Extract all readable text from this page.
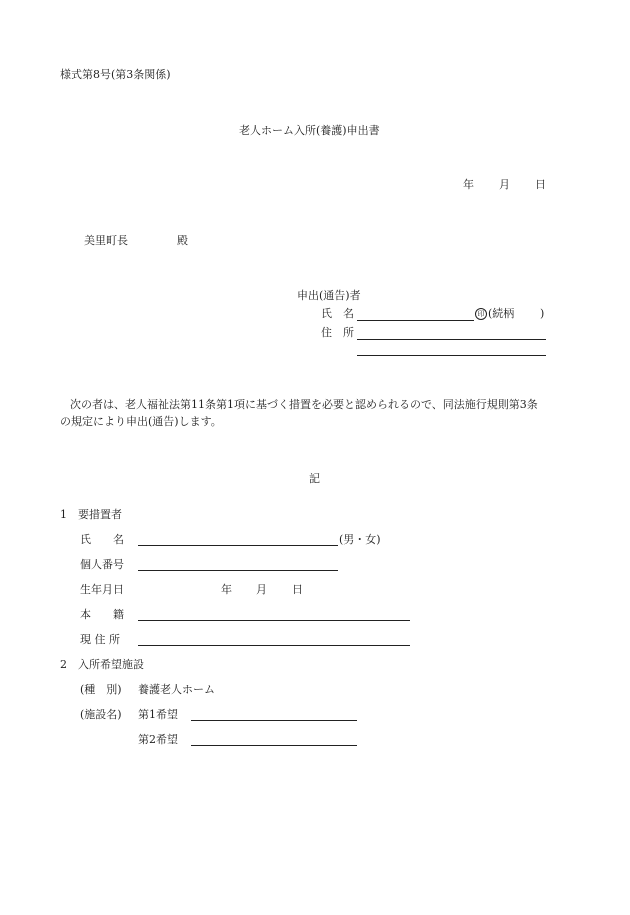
様式第8号(第3条関係)
老人ホーム入所(養護)申出書
年 月 日
美里町長	殿
申出(通告)者
氏　名	印 (続柄 )
住　所
次の者は、老人福祉法第11条第1項に基づく措置を必要と認められるので、同法施行規則第3条
の規定により申出(通告)します。
記
1　要措置者
氏　　名	(男・女)
個人番号
生年月日	年 月 日
本　　籍
現 住 所
2　入所希望施設
(種　別) 養護老人ホーム
(施設名) 第1希望
第2希望
